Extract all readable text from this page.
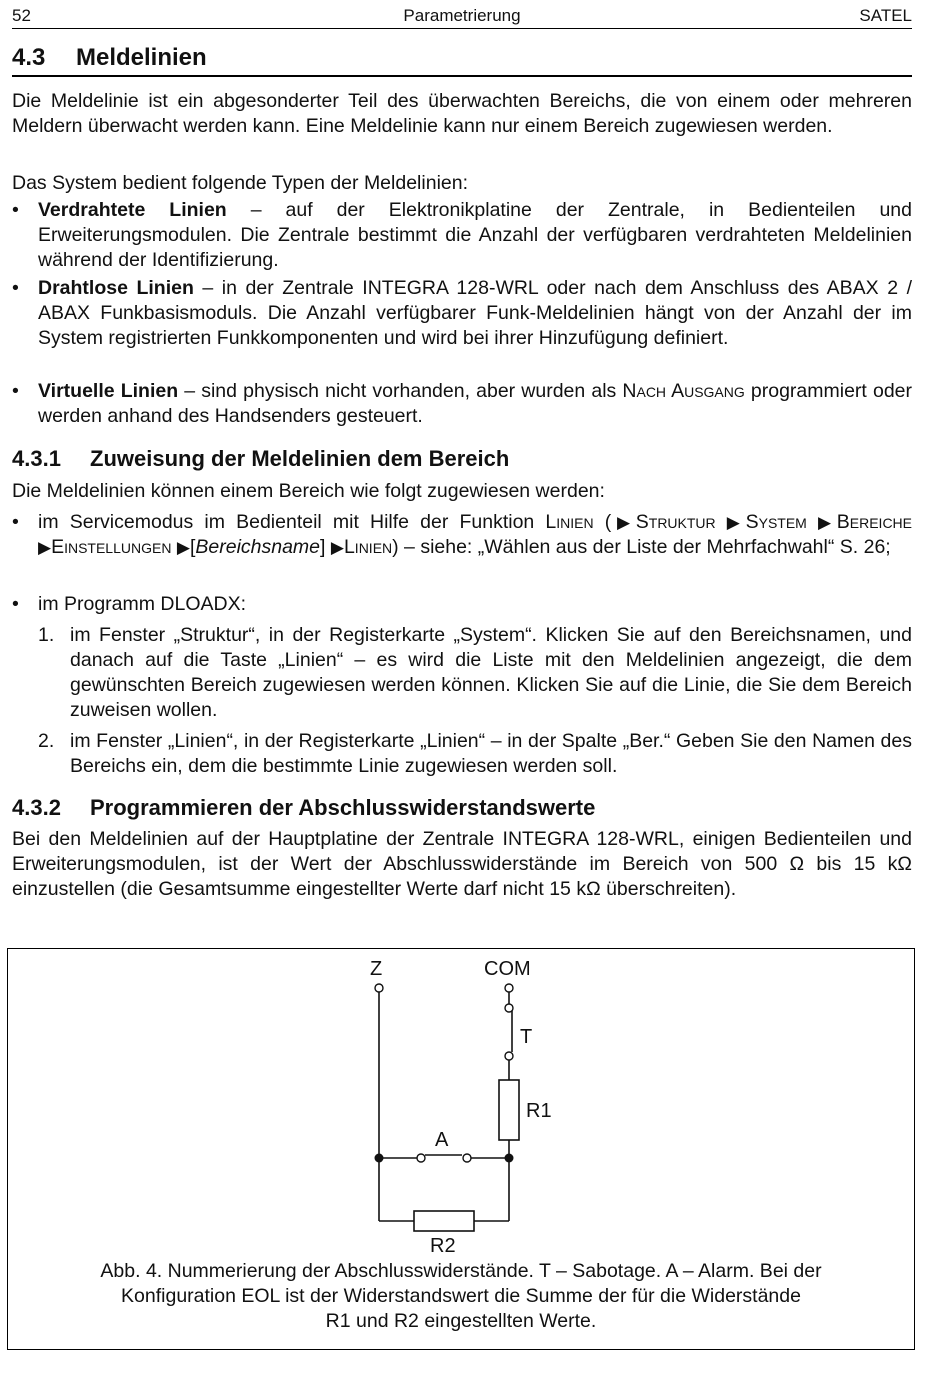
52	Parametrierung	SATEL
4.3 Meldelinien

Die Meldelinie ist ein abgesonderter Teil des überwachten Bereichs, die von einem oder mehreren Meldern überwacht werden kann. Eine Meldelinie kann nur einem Bereich zugewiesen werden.

Das System bedient folgende Typen der Meldelinien:

• Verdrahtete Linien – auf der Elektronikplatine der Zentrale, in Bedienteilen und Erweiterungsmodulen. Die Zentrale bestimmt die Anzahl der verfügbaren verdrahteten Meldelinien während der Identifizierung.
• Drahtlose Linien – in der Zentrale INTEGRA 128-WRL oder nach dem Anschluss des ABAX 2 / ABAX Funkbasismoduls. Die Anzahl verfügbarer Funk-Meldelinien hängt von der Anzahl der im System registrierten Funkkomponenten und wird bei ihrer Hinzufügung definiert.
• Virtuelle Linien – sind physisch nicht vorhanden, aber wurden als Nach Ausgang programmiert oder werden anhand des Handsenders gesteuert.
4.3.1 Zuweisung der Meldelinien dem Bereich

Die Meldelinien können einem Bereich wie folgt zugewiesen werden:

• im Servicemodus im Bedienteil mit Hilfe der Funktion Linien (▶Struktur ▶System ▶Bereiche ▶Einstellungen ▶[Bereichsname] ▶Linien) – siehe: „Wählen aus der Liste der Mehrfachwahl“ S. 26;
• im Programm DLOADX:
1. im Fenster „Struktur“, in der Registerkarte „System“. Klicken Sie auf den Bereichsnamen, und danach auf die Taste „Linien“ – es wird die Liste mit den Meldelinien angezeigt, die dem gewünschten Bereich zugewiesen werden können. Klicken Sie auf die Linie, die Sie dem Bereich zuweisen wollen.
2. im Fenster „Linien“, in der Registerkarte „Linien“ – in der Spalte „Ber.“ Geben Sie den Namen des Bereichs ein, dem die bestimmte Linie zugewiesen werden soll.
4.3.2 Programmieren der Abschlusswiderstandswerte

Bei den Meldelinien auf der Hauptplatine der Zentrale INTEGRA 128-WRL, einigen Bedienteilen und Erweiterungsmodulen, ist der Wert der Abschlusswiderstände im Bereich von 500 Ω bis 15 kΩ einzustellen (die Gesamtsumme eingestellter Werte darf nicht 15 kΩ überschreiten).

Z	COM
T
R1
A
R2
Abb. 4. Nummerierung der Abschlusswiderstände. T – Sabotage. A – Alarm. Bei der
Konfiguration EOL ist der Widerstandswert die Summe der für die Widerstände
R1 und R2 eingestellten Werte.
